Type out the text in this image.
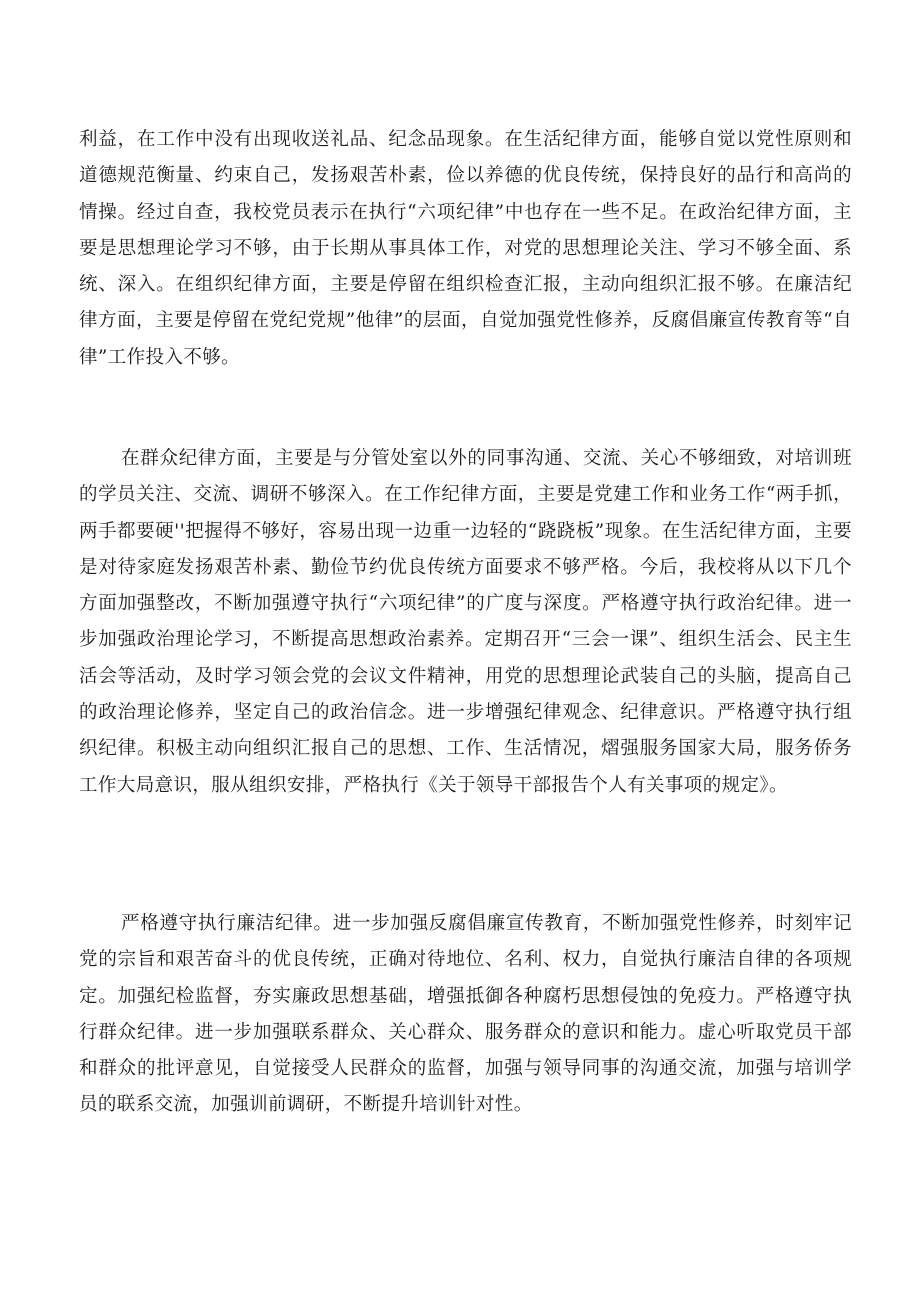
利益，在工作中没有出现收送礼品、纪念品现象。在生活纪律方面，能够自觉以党性原则和道德规范衡量、约束自己，发扬艰苦朴素，俭以养德的优良传统，保持良好的品行和高尚的情操。经过自查，我校党员表示在执行“六项纪律”中也存在一些不足。在政治纪律方面，主要是思想理论学习不够，由于长期从事具体工作，对党的思想理论关注、学习不够全面、系统、深入。在组织纪律方面，主要是停留在组织检查汇报，主动向组织汇报不够。在廉洁纪律方面，主要是停留在党纪党规”他律”的层面，自觉加强党性修养，反腐倡廉宣传教育等“自律”工作投入不够。

在群众纪律方面，主要是与分管处室以外的同事沟通、交流、关心不够细致，对培训班的学员关注、交流、调研不够深入。在工作纪律方面，主要是党建工作和业务工作“两手抓，两手都要硬''把握得不够好，容易出现一边重一边轻的“跷跷板”现象。在生活纪律方面，主要是对待家庭发扬艰苦朴素、勤俭节约优良传统方面要求不够严格。今后，我校将从以下几个方面加强整改，不断加强遵守执行“六项纪律”的广度与深度。严格遵守执行政治纪律。进一步加强政治理论学习，不断提高思想政治素养。定期召开“三会一课”、组织生活会、民主生活会等活动，及时学习领会党的会议文件精神，用党的思想理论武装自己的头脑，提高自己的政治理论修养，坚定自己的政治信念。进一步增强纪律观念、纪律意识。严格遵守执行组织纪律。积极主动向组织汇报自己的思想、工作、生活情况，熠强服务国家大局，服务侨务工作大局意识，服从组织安排，严格执行《关于领导干部报告个人有关事项的规定》。

严格遵守执行廉洁纪律。进一步加强反腐倡廉宣传教育，不断加强党性修养，时刻牢记党的宗旨和艰苦奋斗的优良传统，正确对待地位、名利、权力，自觉执行廉洁自律的各项规定。加强纪检监督，夯实廉政思想基础，增强抵御各种腐朽思想侵蚀的免疫力。严格遵守执行群众纪律。进一步加强联系群众、关心群众、服务群众的意识和能力。虚心听取党员干部和群众的批评意见，自觉接受人民群众的监督，加强与领导同事的沟通交流，加强与培训学员的联系交流，加强训前调研，不断提升培训针对性。
